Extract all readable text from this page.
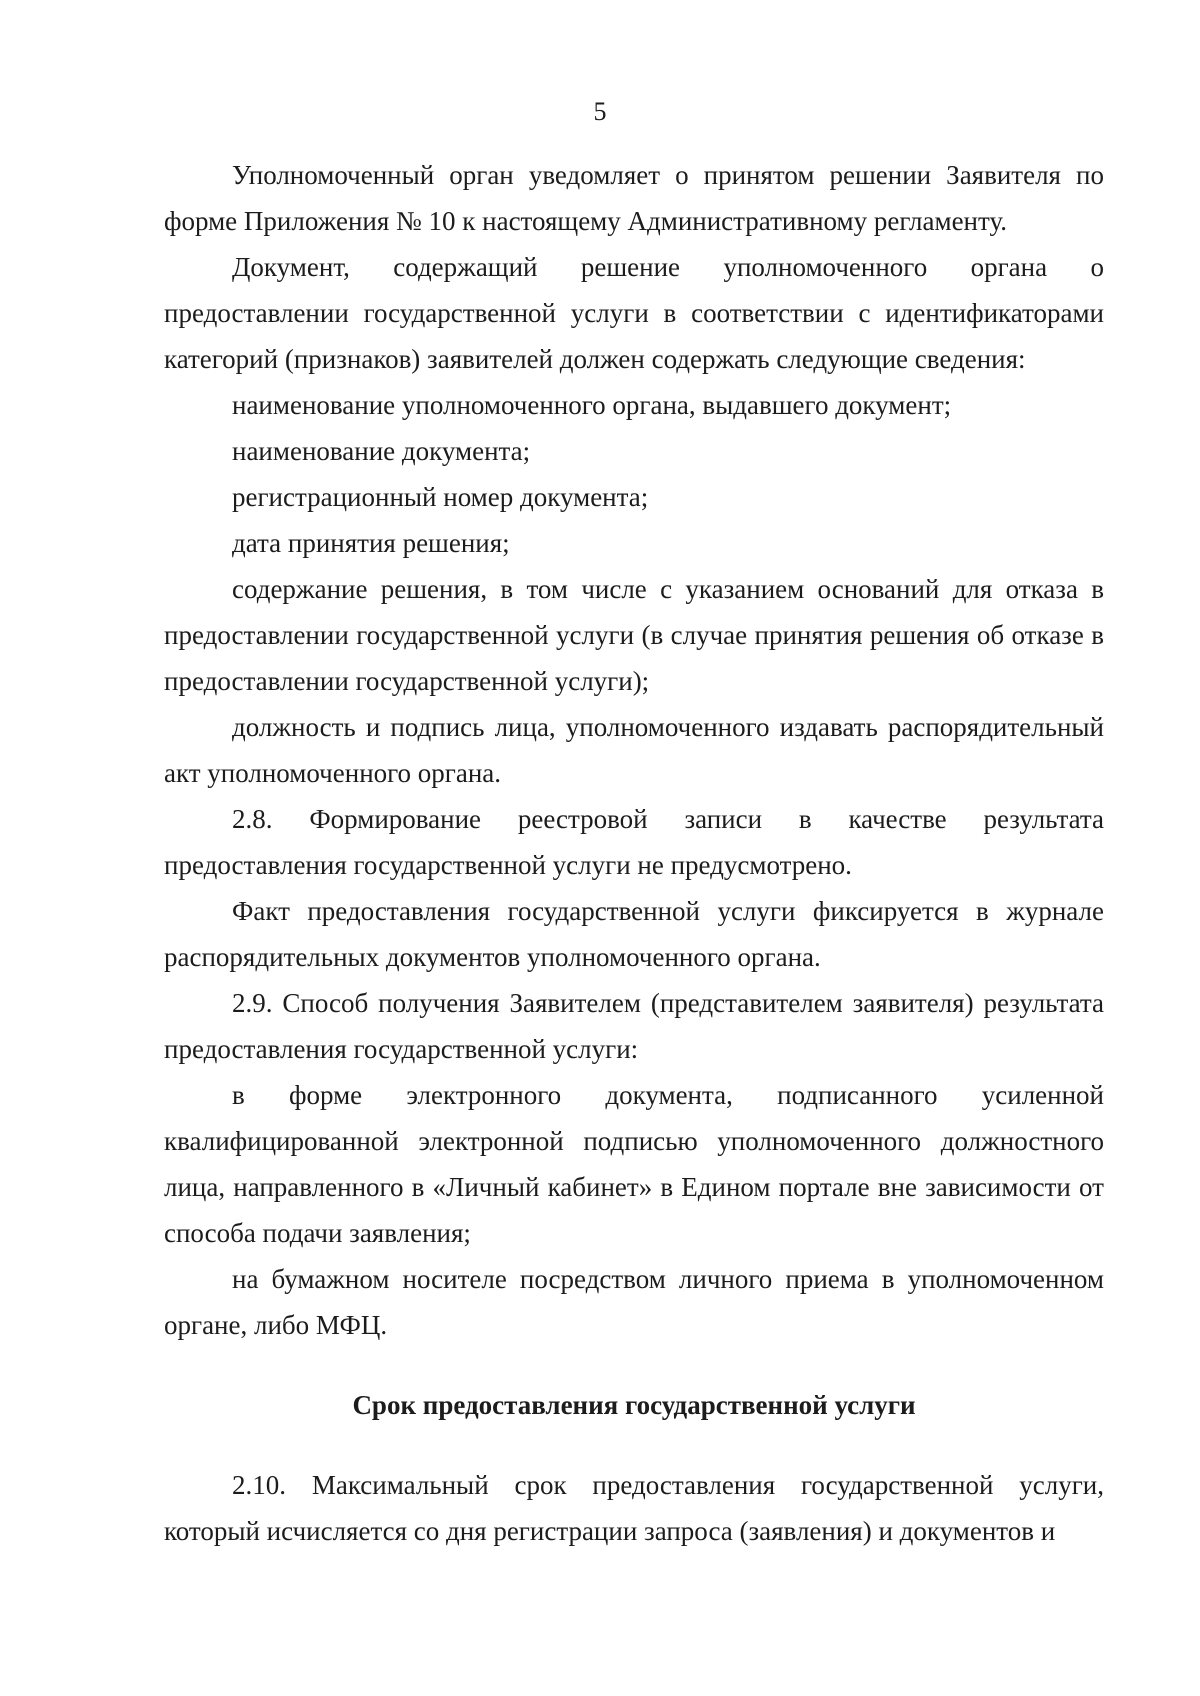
5

Уполномоченный орган уведомляет о принятом решении Заявителя по форме Приложения № 10 к настоящему Административному регламенту.

Документ, содержащий решение уполномоченного органа о предоставлении государственной услуги в соответствии с идентификаторами категорий (признаков) заявителей должен содержать следующие сведения:

наименование уполномоченного органа, выдавшего документ;

наименование документа;

регистрационный номер документа;

дата принятия решения;

содержание решения, в том числе с указанием оснований для отказа в предоставлении государственной услуги (в случае принятия решения об отказе в предоставлении государственной услуги);

должность и подпись лица, уполномоченного издавать распорядительный акт уполномоченного органа.

2.8. Формирование реестровой записи в качестве результата предоставления государственной услуги не предусмотрено.

Факт предоставления государственной услуги фиксируется в журнале распорядительных документов уполномоченного органа.

2.9. Способ получения Заявителем (представителем заявителя) результата предоставления государственной услуги:

в форме электронного документа, подписанного усиленной квалифицированной электронной подписью уполномоченного должностного лица, направленного в «Личный кабинет» в Едином портале вне зависимости от способа подачи заявления;

на бумажном носителе посредством личного приема в уполномоченном органе, либо МФЦ.

Срок предоставления государственной услуги

2.10. Максимальный срок предоставления государственной услуги, который исчисляется со дня регистрации запроса (заявления) и документов и
